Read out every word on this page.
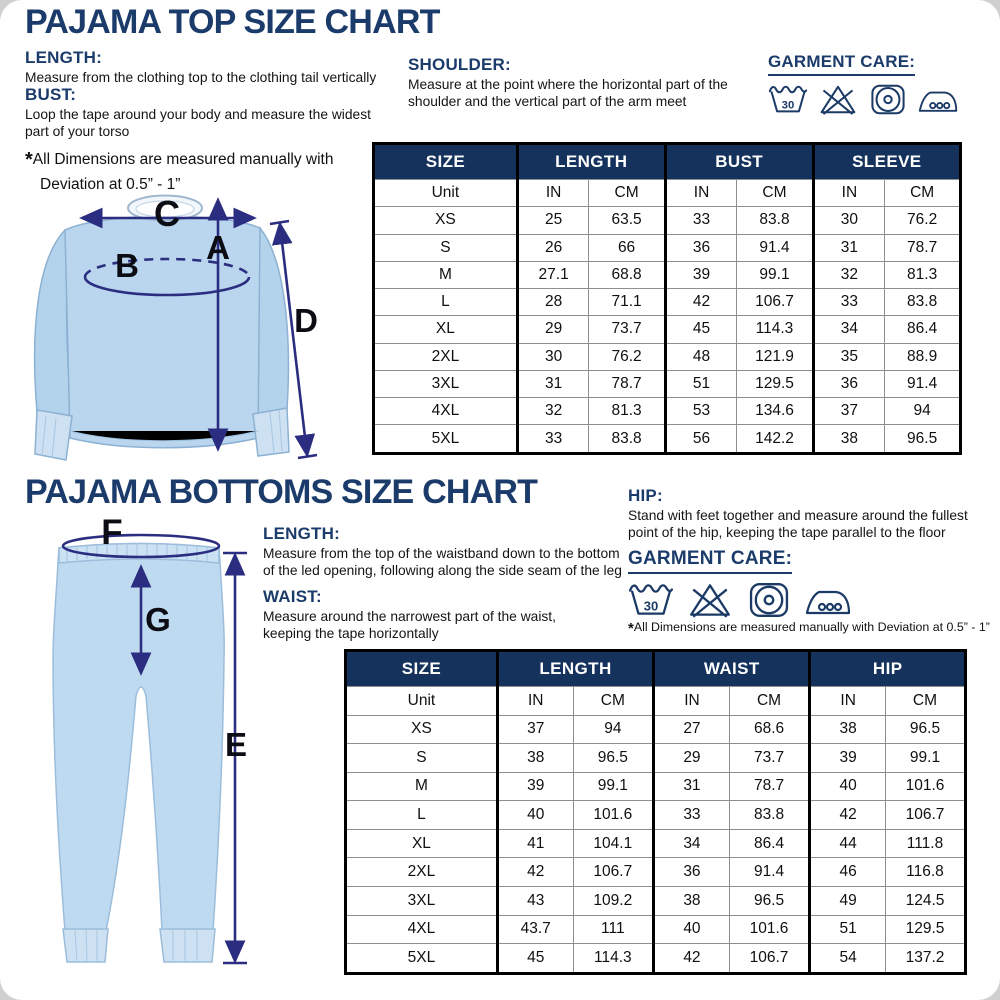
PAJAMA TOP SIZE CHART
LENGTH:
Measure from the clothing top to the clothing tail vertically
BUST:
Loop the tape around your body and measure the widest part of your torso
SHOULDER:
Measure at the point where the horizontal part of the shoulder and the vertical part of the arm meet
*All Dimensions are measured manually with
Deviation at 0.5” - 1”
GARMENT CARE:
30
A
B
C
D
SIZE	LENGTH		BUST		SLEEVE	
Unit	IN	CM	IN	CM	IN	CM
XS	25	63.5	33	83.8	30	76.2
S	26	66	36	91.4	31	78.7
M	27.1	68.8	39	99.1	32	81.3
L	28	71.1	42	106.7	33	83.8
XL	29	73.7	45	114.3	34	86.4
2XL	30	76.2	48	121.9	35	88.9
3XL	31	78.7	51	129.5	36	91.4
4XL	32	81.3	53	134.6	37	94
5XL	33	83.8	56	142.2	38	96.5
PAJAMA BOTTOMS SIZE CHART
LENGTH:
Measure from the top of the waistband down to the bottom of the led opening, following along the side seam of the leg
WAIST:
Measure around the narrowest part of the waist, keeping the tape horizontally
HIP:
Stand with feet together and measure around the fullest point of the hip, keeping the tape parallel to the floor
GARMENT CARE:
30
*All Dimensions are measured manually with Deviation at 0.5” - 1”
E
F
G
SIZE	LENGTH		WAIST		HIP	
Unit	IN	CM	IN	CM	IN	CM
XS	37	94	27	68.6	38	96.5
S	38	96.5	29	73.7	39	99.1
M	39	99.1	31	78.7	40	101.6
L	40	101.6	33	83.8	42	106.7
XL	41	104.1	34	86.4	44	111.8
2XL	42	106.7	36	91.4	46	116.8
3XL	43	109.2	38	96.5	49	124.5
4XL	43.7	111	40	101.6	51	129.5
5XL	45	114.3	42	106.7	54	137.2
